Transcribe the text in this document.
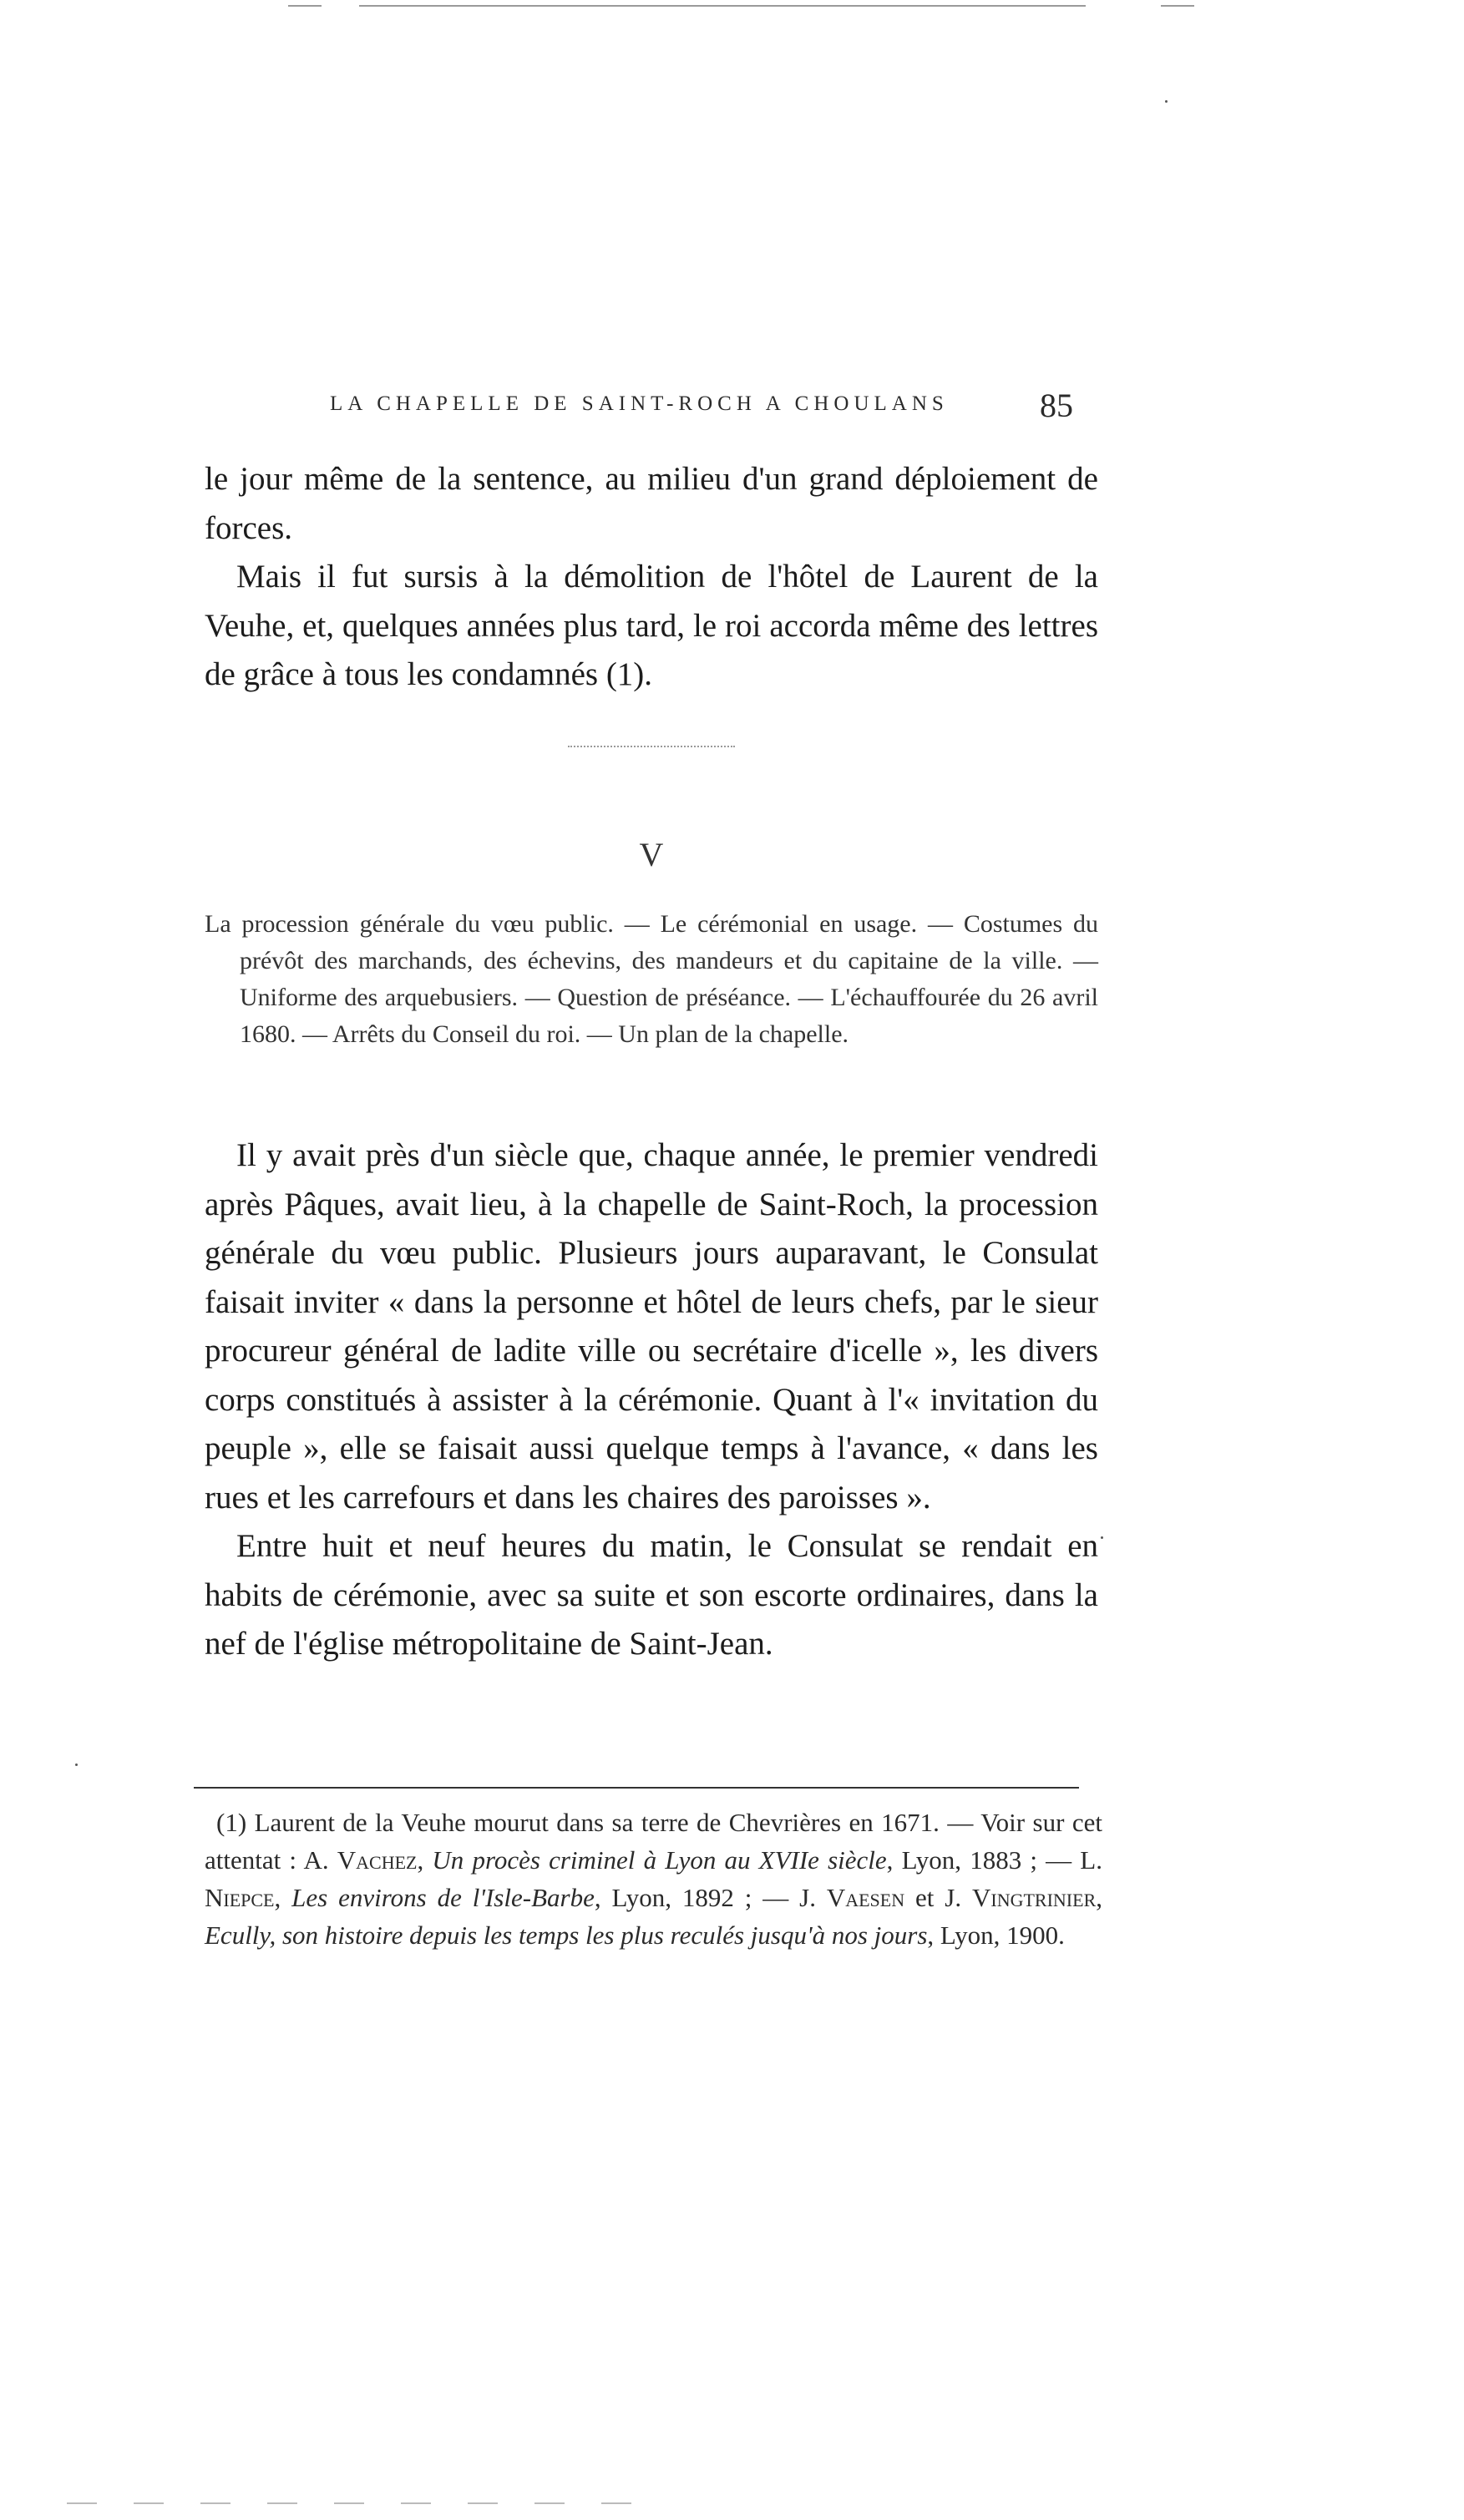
LA CHAPELLE DE SAINT-ROCH A CHOULANS	85

le jour même de la sentence, au milieu d'un grand déploiement de forces.

Mais il fut sursis à la démolition de l'hôtel de Laurent de la Veuhe, et, quelques années plus tard, le roi accorda même des lettres de grâce à tous les condamnés (1).

V

La procession générale du vœu public. — Le cérémonial en usage. — Costumes du prévôt des marchands, des échevins, des mandeurs et du capitaine de la ville. — Uniforme des arquebusiers. — Question de préséance. — L'échauffourée du 26 avril 1680. — Arrêts du Conseil du roi. — Un plan de la chapelle.

Il y avait près d'un siècle que, chaque année, le premier vendredi après Pâques, avait lieu, à la chapelle de Saint-Roch, la procession générale du vœu public. Plusieurs jours auparavant, le Consulat faisait inviter « dans la personne et hôtel de leurs chefs, par le sieur procureur général de ladite ville ou secrétaire d'icelle », les divers corps constitués à assister à la cérémonie. Quant à l'« invitation du peuple », elle se faisait aussi quelque temps à l'avance, « dans les rues et les carrefours et dans les chaires des paroisses ».

Entre huit et neuf heures du matin, le Consulat se rendait en habits de cérémonie, avec sa suite et son escorte ordinaires, dans la nef de l'église métropolitaine de Saint-Jean.

(1) Laurent de la Veuhe mourut dans sa terre de Chevrières en 1671. — Voir sur cet attentat : A. Vachez, Un procès criminel à Lyon au XVIIe siècle, Lyon, 1883 ; — L. Niepce, Les environs de l'Isle-Barbe, Lyon, 1892 ; — J. Vaesen et J. Vingtrinier, Ecully, son histoire depuis les temps les plus reculés jusqu'à nos jours, Lyon, 1900.
